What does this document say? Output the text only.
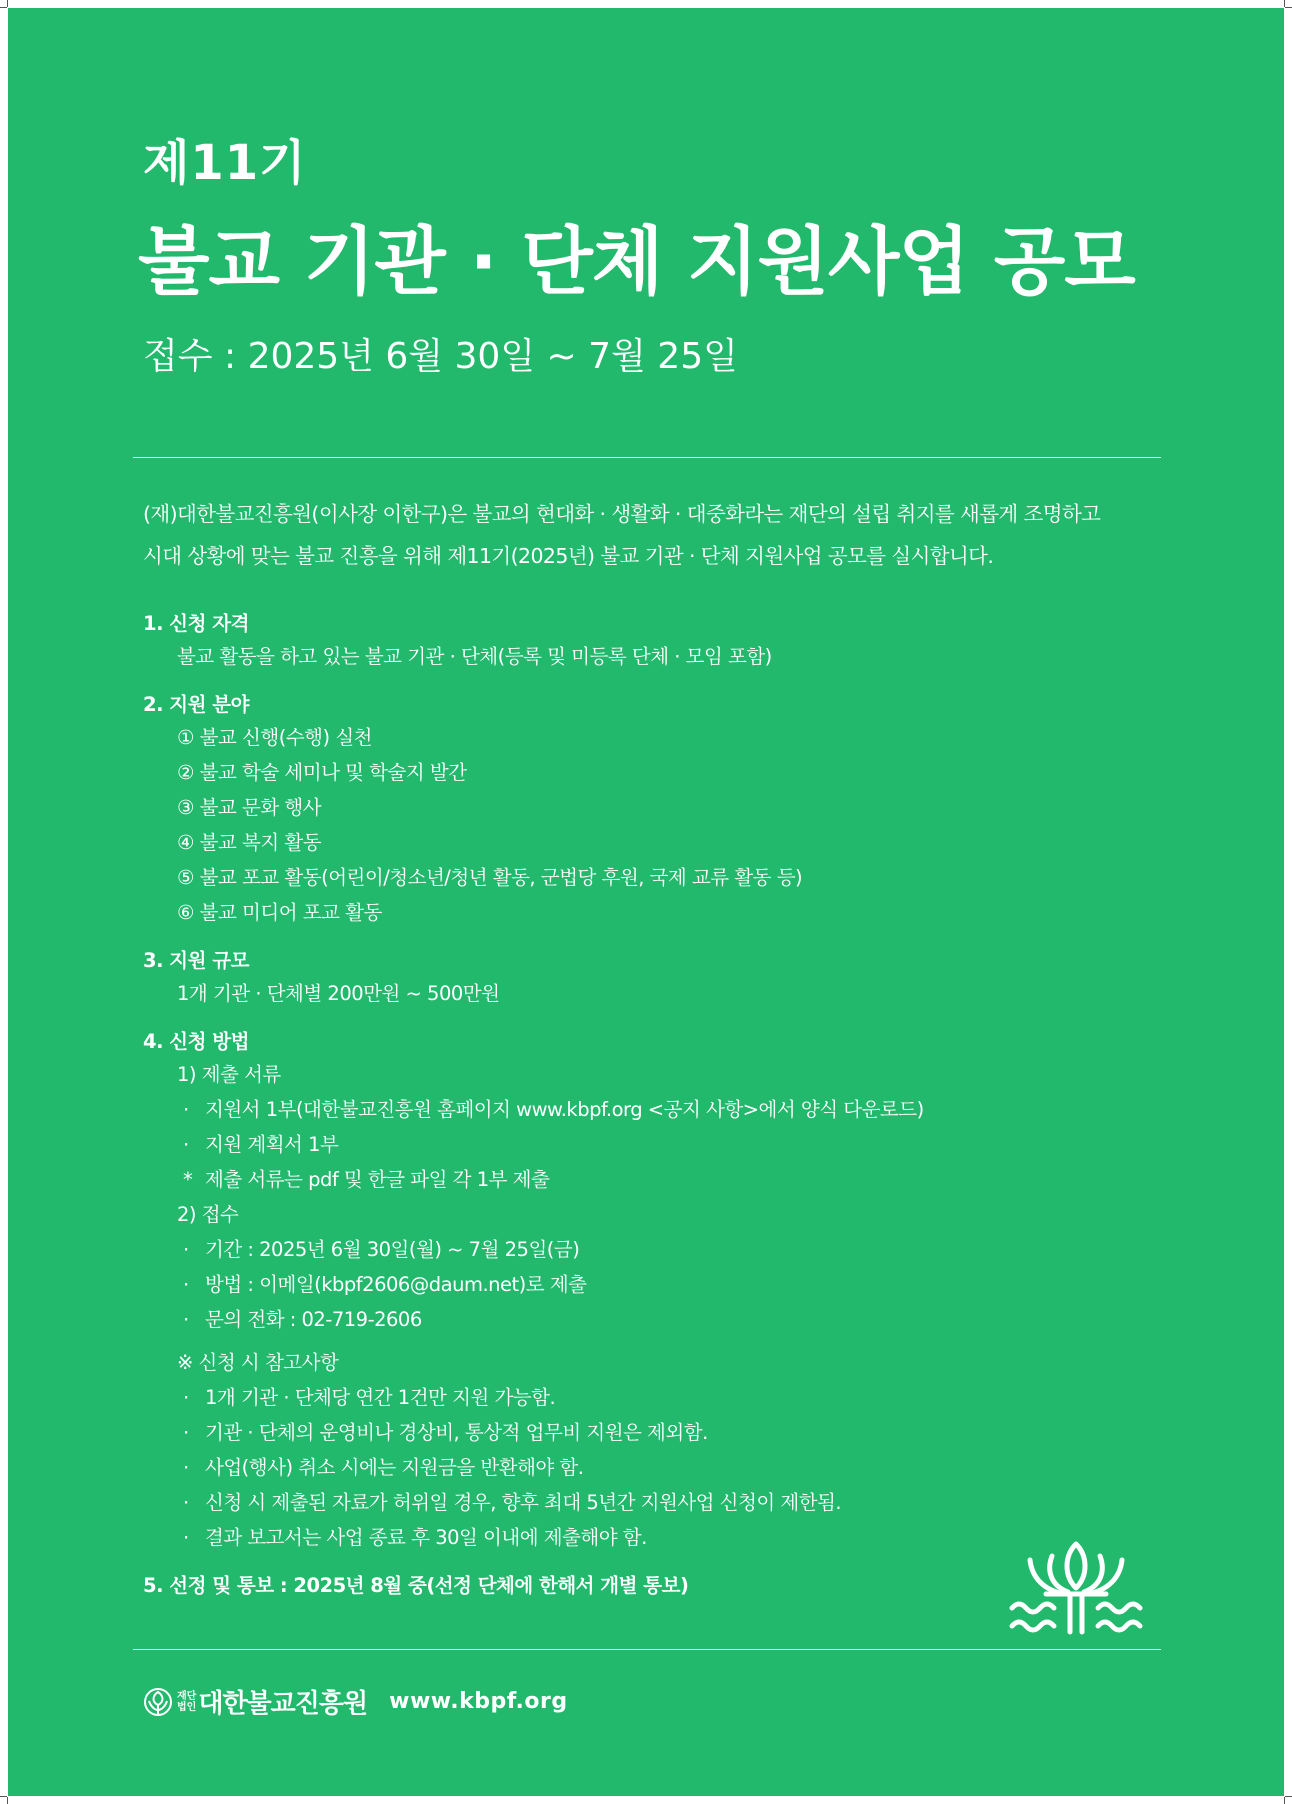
제11기
불교 기관 · 단체 지원사업 공모
접수 : 2025년 6월 30일 ~ 7월 25일
(재)대한불교진흥원(이사장 이한구)은 불교의 현대화 · 생활화 · 대중화라는 재단의 설립 취지를 새롭게 조명하고
시대 상황에 맞는 불교 진흥을 위해 제11기(2025년) 불교 기관 · 단체 지원사업 공모를 실시합니다.
1. 신청 자격
불교 활동을 하고 있는 불교 기관 · 단체(등록 및 미등록 단체 · 모임 포함)
2. 지원 분야
① 불교 신행(수행) 실천
② 불교 학술 세미나 및 학술지 발간
③ 불교 문화 행사
④ 불교 복지 활동
⑤ 불교 포교 활동(어린이/청소년/청년 활동, 군법당 후원, 국제 교류 활동 등)
⑥ 불교 미디어 포교 활동
3. 지원 규모
1개 기관 · 단체별 200만원 ~ 500만원
4. 신청 방법
1) 제출 서류
· 지원서 1부(대한불교진흥원 홈페이지 www.kbpf.org <공지 사항>에서 양식 다운로드)
· 지원 계획서 1부
* 제출 서류는 pdf 및 한글 파일 각 1부 제출
2) 접수
· 기간 : 2025년 6월 30일(월) ~ 7월 25일(금)
· 방법 : 이메일(kbpf2606@daum.net)로 제출
· 문의 전화 : 02-719-2606
※ 신청 시 참고사항
· 1개 기관 · 단체당 연간 1건만 지원 가능함.
· 기관 · 단체의 운영비나 경상비, 통상적 업무비 지원은 제외함.
· 사업(행사) 취소 시에는 지원금을 반환해야 함.
· 신청 시 제출된 자료가 허위일 경우, 향후 최대 5년간 지원사업 신청이 제한됨.
· 결과 보고서는 사업 종료 후 30일 이내에 제출해야 함.
5. 선정 및 통보 : 2025년 8월 중(선정 단체에 한해서 개별 통보)
재단
법인 대한불교진흥원 www.kbpf.org
